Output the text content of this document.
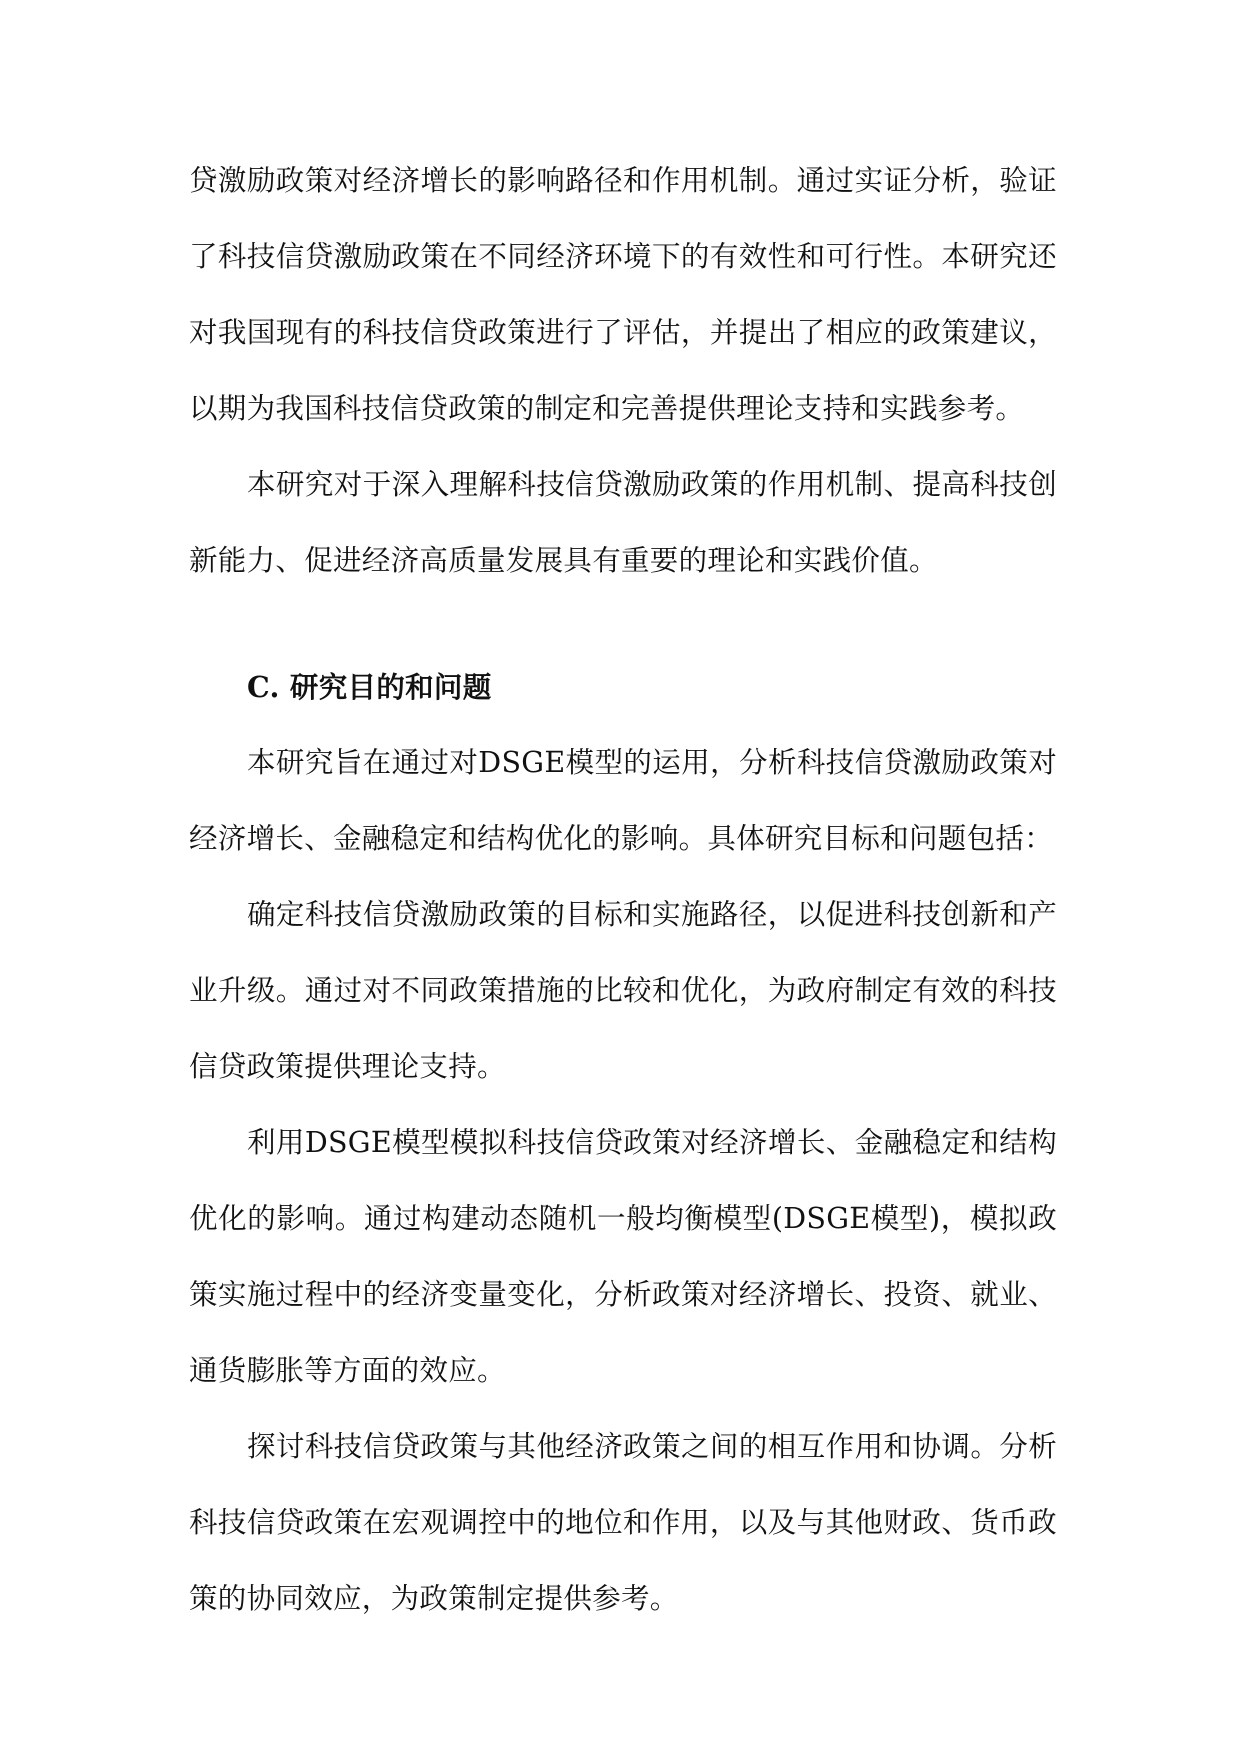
贷激励政策对经济增长的影响路径和作用机制。通过实证分析，验证了科技信贷激励政策在不同经济环境下的有效性和可行性。本研究还对我国现有的科技信贷政策进行了评估，并提出了相应的政策建议，以期为我国科技信贷政策的制定和完善提供理论支持和实践参考。

本研究对于深入理解科技信贷激励政策的作用机制、提高科技创新能力、促进经济高质量发展具有重要的理论和实践价值。

C. 研究目的和问题

本研究旨在通过对DSGE模型的运用，分析科技信贷激励政策对经济增长、金融稳定和结构优化的影响。具体研究目标和问题包括：

确定科技信贷激励政策的目标和实施路径，以促进科技创新和产业升级。通过对不同政策措施的比较和优化，为政府制定有效的科技信贷政策提供理论支持。

利用DSGE模型模拟科技信贷政策对经济增长、金融稳定和结构优化的影响。通过构建动态随机一般均衡模型(DSGE模型)，模拟政策实施过程中的经济变量变化，分析政策对经济增长、投资、就业、通货膨胀等方面的效应。

探讨科技信贷政策与其他经济政策之间的相互作用和协调。分析科技信贷政策在宏观调控中的地位和作用，以及与其他财政、货币政策的协同效应，为政策制定提供参考。
